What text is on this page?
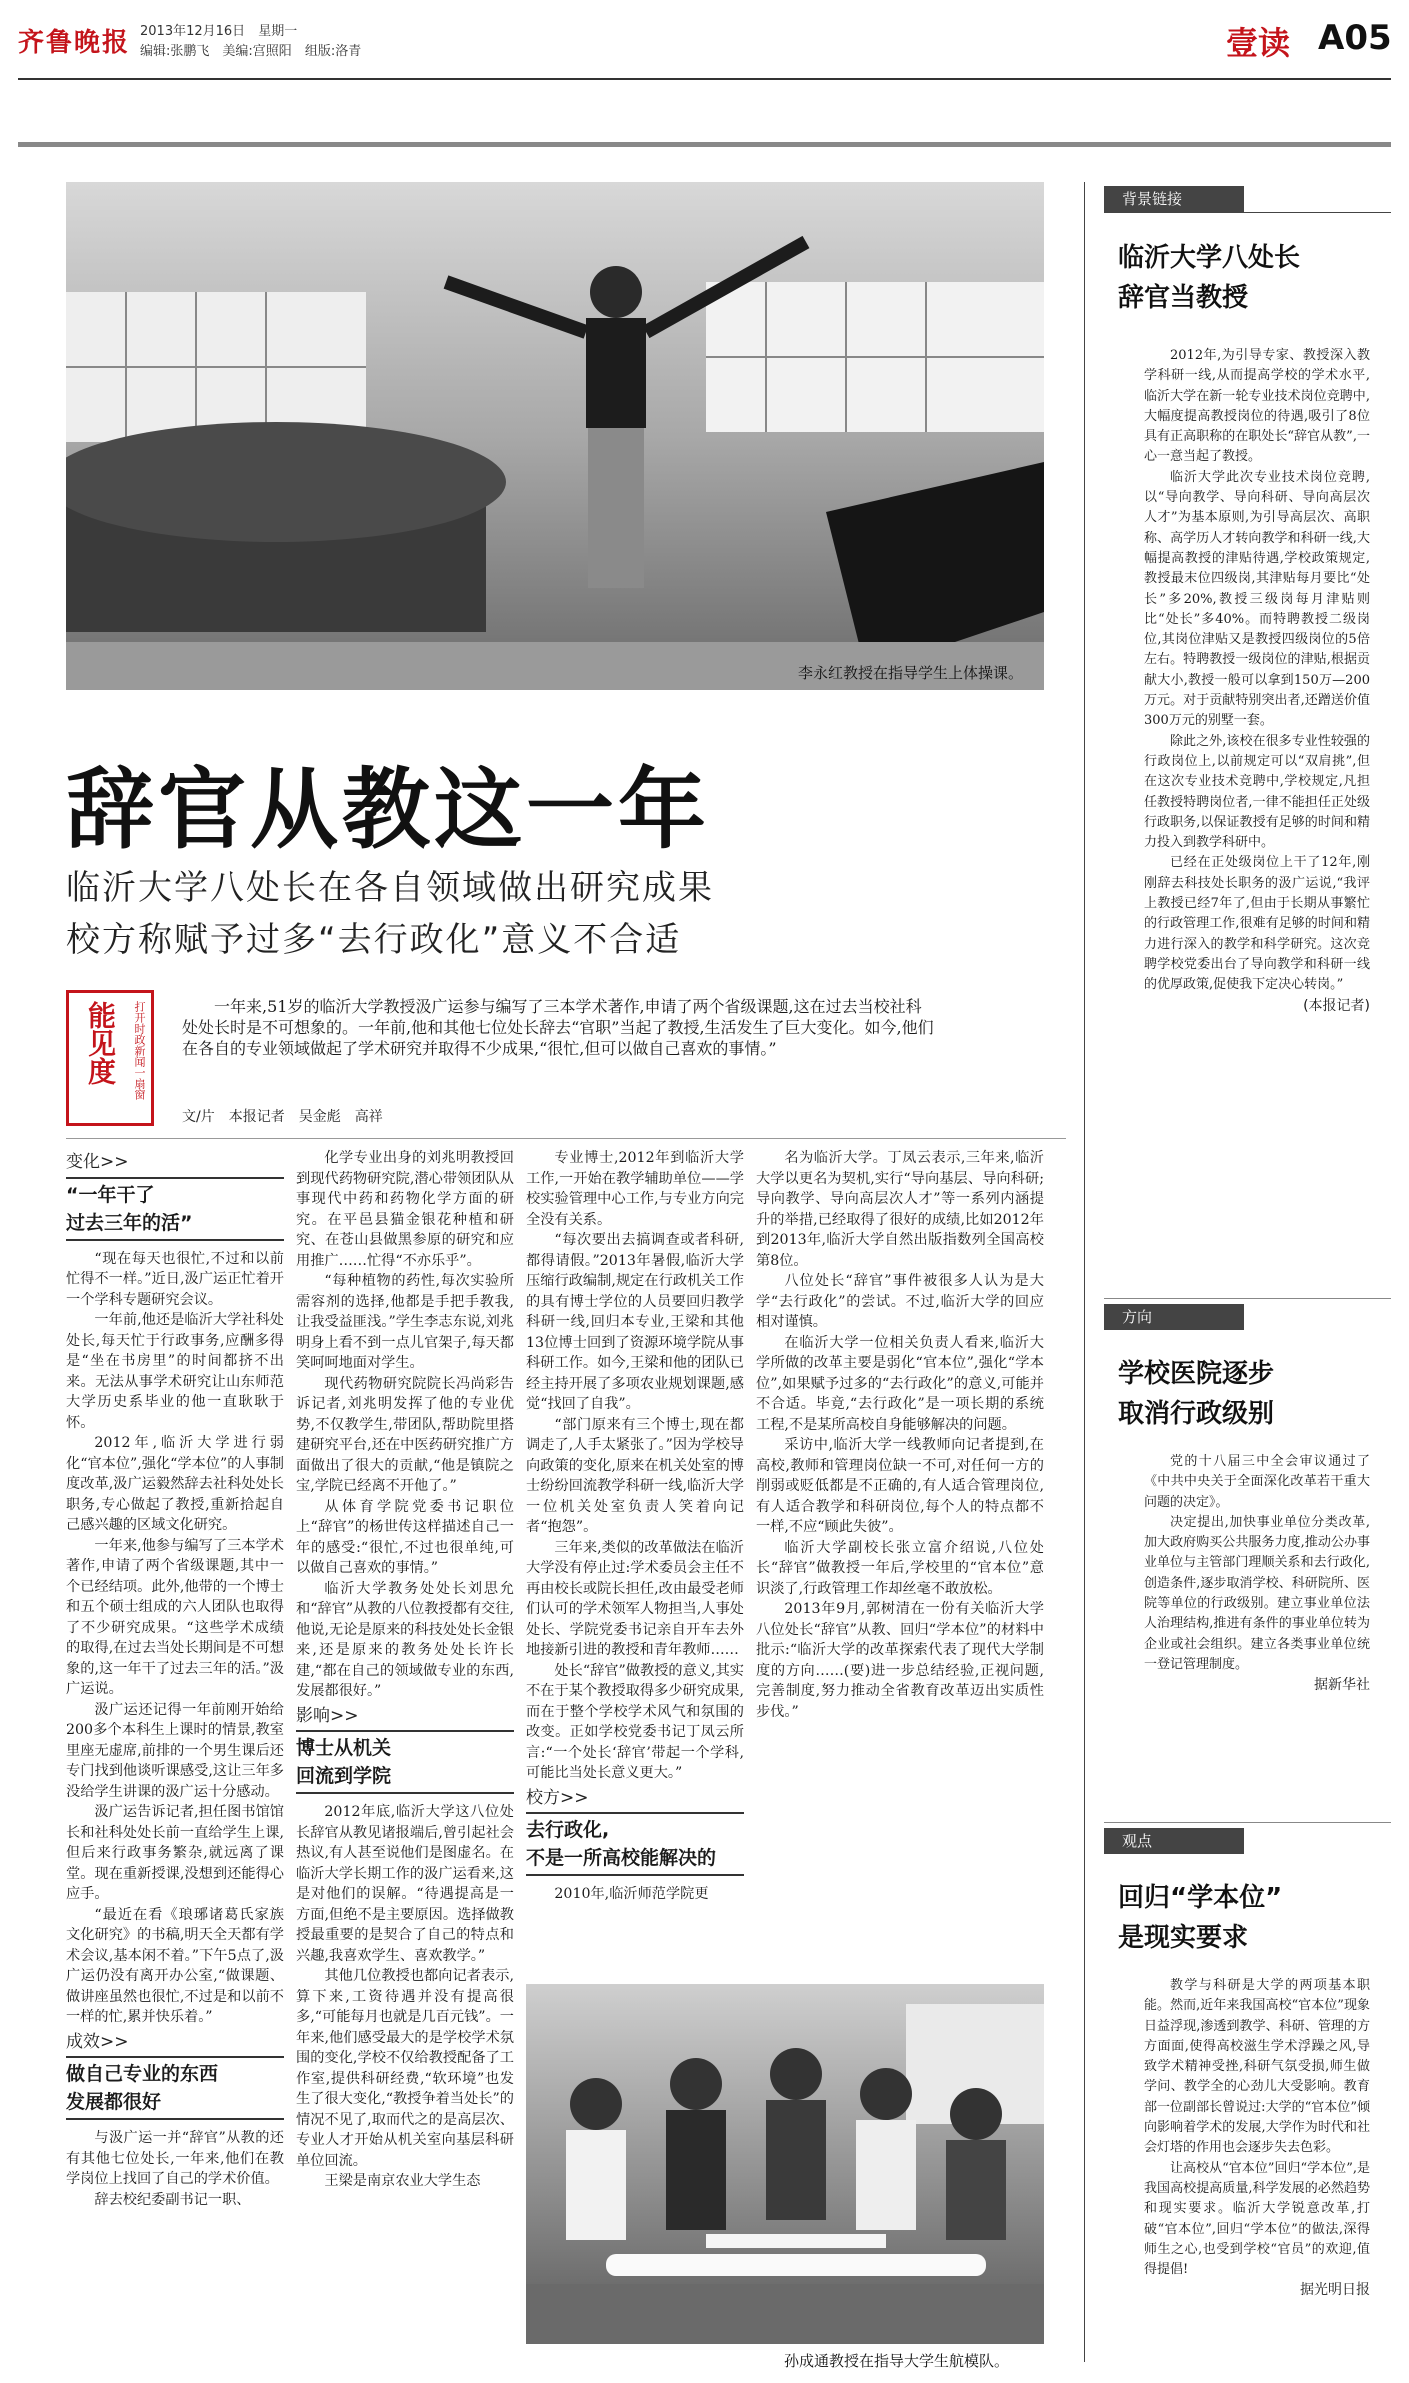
齐鲁晚报 2013年12月16日　 星期一
编辑:张鹏飞　 美编:宫照阳　 组版:洛青	壹读 A05
李永红教授在指导学生上体操课。
辞官从教这一年
临沂大学八处长在各自领域做出研究成果
校方称赋予过多“去行政化”意义不合适
能见度	打开时政新闻一扇窗	一年来,51岁的临沂大学教授汲广运参与编写了三本学术著作,申请了两个省级课题,这在过去当校社科处处长时是不可想象的。一年前,他和其他七位处长辞去“官职”当起了教授,生活发生了巨大变化。如今,他们在各自的专业领域做起了学术研究并取得不少成果,“很忙,但可以做自己喜欢的事情。”
文/片　本报记者　吴金彪　高祥
变化>>
“一年干了
过去三年的活”

“现在每天也很忙,不过和以前忙得不一样。”近日,汲广运正忙着开一个学科专题研究会议。

一年前,他还是临沂大学社科处处长,每天忙于行政事务,应酬多得是“坐在书房里”的时间都挤不出来。无法从事学术研究让山东师范大学历史系毕业的他一直耿耿于怀。

2012年,临沂大学进行弱化“官本位”,强化“学本位”的人事制度改革,汲广运毅然辞去社科处处长职务,专心做起了教授,重新拾起自己感兴趣的区域文化研究。

一年来,他参与编写了三本学术著作,申请了两个省级课题,其中一个已经结项。此外,他带的一个博士和五个硕士组成的六人团队也取得了不少研究成果。“这些学术成绩的取得,在过去当处长期间是不可想象的,这一年干了过去三年的活。”汲广运说。

汲广运还记得一年前刚开始给200多个本科生上课时的情景,教室里座无虚席,前排的一个男生课后还专门找到他谈听课感受,这让三年多没给学生讲课的汲广运十分感动。

汲广运告诉记者,担任图书馆馆长和社科处处长前一直给学生上课,但后来行政事务繁杂,就远离了课堂。现在重新授课,没想到还能得心应手。

“最近在看《琅琊诸葛氏家族文化研究》的书稿,明天全天都有学术会议,基本闲不着。”下午5点了,汲广运仍没有离开办公室,“做课题、做讲座虽然也很忙,不过是和以前不一样的忙,累并快乐着。”

成效>>
做自己专业的东西
发展都很好

与汲广运一并“辞官”从教的还有其他七位处长,一年来,他们在教学岗位上找回了自己的学术价值。

辞去校纪委副书记一职、

化学专业出身的刘兆明教授回到现代药物研究院,潜心带领团队从事现代中药和药物化学方面的研究。在平邑县猫金银花种植和研究、在苍山县做黑参原的研究和应用推广……忙得“不亦乐乎”。

“每种植物的药性,每次实验所需容剂的选择,他都是手把手教我,让我受益匪浅。”学生李志东说,刘兆明身上看不到一点儿官架子,每天都笑呵呵地面对学生。

现代药物研究院院长冯尚彩告诉记者,刘兆明发挥了他的专业优势,不仅教学生,带团队,帮助院里搭建研究平台,还在中医药研究推广方面做出了很大的贡献,“他是镇院之宝,学院已经离不开他了。”

从体育学院党委书记职位上“辞官”的杨世传这样描述自己一年的感受:“很忙,不过也很单纯,可以做自己喜欢的事情。”

临沂大学教务处处长刘思允和“辞官”从教的八位教授都有交往,他说,无论是原来的科技处处长金银来,还是原来的教务处处长许长建,“都在自己的领域做专业的东西,发展都很好。”

影响>>
博士从机关
回流到学院

2012年底,临沂大学这八位处长辞官从教见诸报端后,曾引起社会热议,有人甚至说他们是图虚名。在临沂大学长期工作的汲广运看来,这是对他们的误解。“待遇提高是一方面,但绝不是主要原因。选择做教授最重要的是契合了自己的特点和兴趣,我喜欢学生、喜欢教学。”

其他几位教授也都向记者表示,算下来,工资待遇并没有提高很多,“可能每月也就是几百元钱”。一年来,他们感受最大的是学校学术氛围的变化,学校不仅给教授配备了工作室,提供科研经费,“软环境”也发生了很大变化,“教授争着当处长”的情况不见了,取而代之的是高层次、专业人才开始从机关室向基层科研单位回流。

王梁是南京农业大学生态

专业博士,2012年到临沂大学工作,一开始在教学辅助单位——学校实验管理中心工作,与专业方向完全没有关系。

“每次要出去搞调查或者科研,都得请假。”2013年暑假,临沂大学压缩行政编制,规定在行政机关工作的具有博士学位的人员要回归教学科研一线,回归本专业,王梁和其他13位博士回到了资源环境学院从事科研工作。如今,王梁和他的团队已经主持开展了多项农业规划课题,感觉“找回了自我”。

“部门原来有三个博士,现在都调走了,人手太紧张了。”因为学校导向政策的变化,原来在机关处室的博士纷纷回流教学科研一线,临沂大学一位机关处室负责人笑着向记者“抱怨”。

三年来,类似的改革做法在临沂大学没有停止过:学术委员会主任不再由校长或院长担任,改由最受老师们认可的学术领军人物担当,人事处处长、学院党委书记亲自开车去外地接新引进的教授和青年教师……

处长“辞官”做教授的意义,其实不在于某个教授取得多少研究成果,而在于整个学校学术风气和氛围的改变。正如学校党委书记丁凤云所言:“一个处长‘辞官’带起一个学科,可能比当处长意义更大。”

校方>>
去行政化,
不是一所高校能解决的

2010年,临沂师范学院更

名为临沂大学。丁凤云表示,三年来,临沂大学以更名为契机,实行“导向基层、导向科研;导向教学、导向高层次人才”等一系列内涵提升的举措,已经取得了很好的成绩,比如2012年到2013年,临沂大学自然出版指数列全国高校第8位。

八位处长“辞官”事件被很多人认为是大学“去行政化”的尝试。不过,临沂大学的回应相对谨慎。

在临沂大学一位相关负责人看来,临沂大学所做的改革主要是弱化“官本位”,强化“学本位”,如果赋予过多的“去行政化”的意义,可能并不合适。毕竟,“去行政化”是一项长期的系统工程,不是某所高校自身能够解决的问题。

采访中,临沂大学一线教师向记者提到,在高校,教师和管理岗位缺一不可,对任何一方的削弱或贬低都是不正确的,有人适合管理岗位,有人适合教学和科研岗位,每个人的特点都不一样,不应“顾此失彼”。

临沂大学副校长张立富介绍说,八位处长“辞官”做教授一年后,学校里的“官本位”意识淡了,行政管理工作却丝毫不敢放松。

2013年9月,郭树清在一份有关临沂大学八位处长“辞官”从教、回归“学本位”的材料中批示:“临沂大学的改革探索代表了现代大学制度的方向……(要)进一步总结经验,正视问题,完善制度,努力推动全省教育改革迈出实质性步伐。”

孙成通教授在指导大学生航模队。
背景链接
临沂大学八处长
辞官当教授

2012年,为引导专家、教授深入教学科研一线,从而提高学校的学术水平,临沂大学在新一轮专业技术岗位竞聘中,大幅度提高教授岗位的待遇,吸引了8位具有正高职称的在职处长“辞官从教”,一心一意当起了教授。

临沂大学此次专业技术岗位竞聘,以“导向教学、导向科研、导向高层次人才”为基本原则,为引导高层次、高职称、高学历人才转向教学和科研一线,大幅提高教授的津贴待遇,学校政策规定,教授最末位四级岗,其津贴每月要比“处长”多20%,教授三级岗每月津贴则比“处长”多40%。而特聘教授二级岗位,其岗位津贴又是教授四级岗位的5倍左右。特聘教授一级岗位的津贴,根据贡献大小,教授一般可以拿到150万—200万元。对于贡献特别突出者,还蹭送价值300万元的别墅一套。

除此之外,该校在很多专业性较强的行政岗位上,以前规定可以“双肩挑”,但在这次专业技术竞聘中,学校规定,凡担任教授特聘岗位者,一律不能担任正处级行政职务,以保证教授有足够的时间和精力投入到教学科研中。

已经在正处级岗位上干了12年,刚刚辞去科技处长职务的汲广运说,“我评上教授已经7年了,但由于长期从事繁忙的行政管理工作,很难有足够的时间和精力进行深入的教学和科学研究。这次竞聘学校党委出台了导向教学和科研一线的优厚政策,促使我下定决心转岗。”

(本报记者)
方向
学校医院逐步
取消行政级别

党的十八届三中全会审议通过了《中共中央关于全面深化改革若干重大问题的决定》。

决定提出,加快事业单位分类改革,加大政府购买公共服务力度,推动公办事业单位与主管部门理顺关系和去行政化,创造条件,逐步取消学校、科研院所、医院等单位的行政级别。建立事业单位法人治理结构,推进有条件的事业单位转为企业或社会组织。建立各类事业单位统一登记管理制度。

据新华社
观点
回归“学本位”
是现实要求

教学与科研是大学的两项基本职能。然而,近年来我国高校“官本位”现象日益浮现,渗透到教学、科研、管理的方方面面,使得高校滋生学术浮躁之风,导致学术精神受挫,科研气氛受损,师生做学问、教学全的心劲儿大受影响。教育部一位副部长曾说过:大学的“官本位”倾向影响着学术的发展,大学作为时代和社会灯塔的作用也会逐步失去色彩。

让高校从“官本位”回归“学本位”,是我国高校提高质量,科学发展的必然趋势和现实要求。临沂大学锐意改革,打破“官本位”,回归“学本位”的做法,深得师生之心,也受到学校“官员”的欢迎,值得提倡!

据光明日报
